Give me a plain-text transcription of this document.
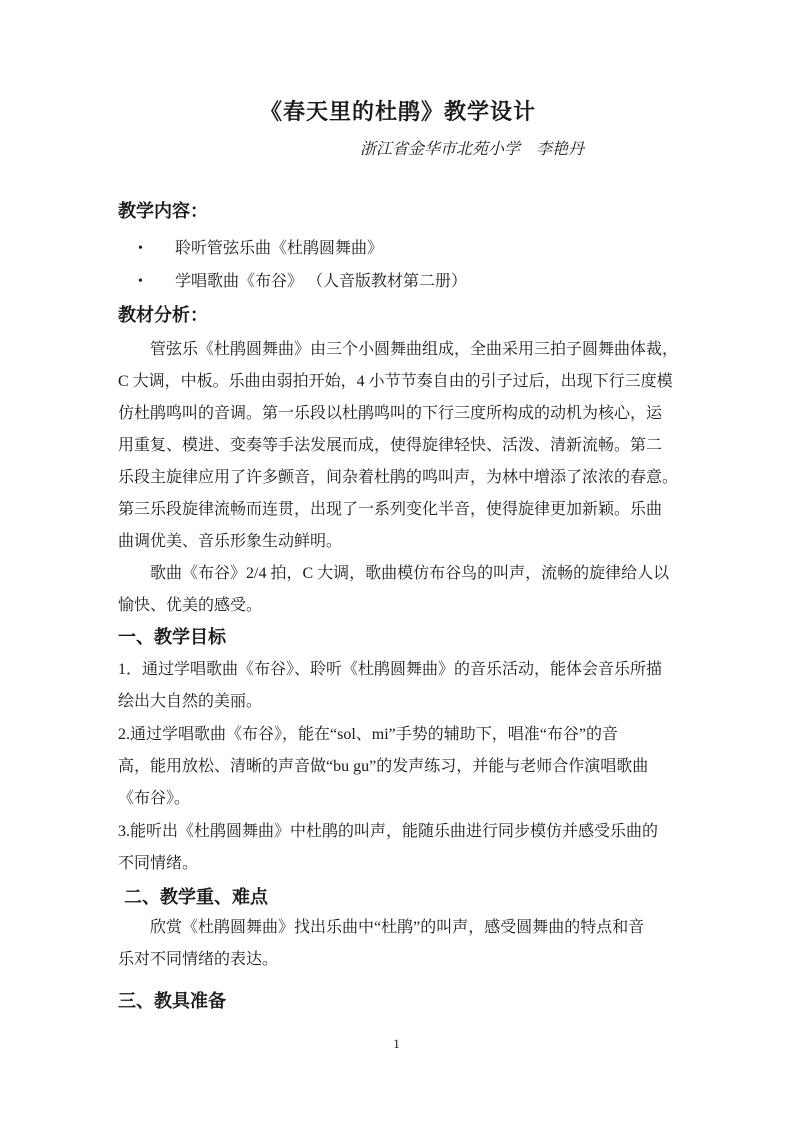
《春天里的杜鹃》教学设计
浙江省金华市北苑小学　李艳丹
教学内容：
• 聆听管弦乐曲《杜鹃圆舞曲》
• 学唱歌曲《布谷》 （人音版教材第二册）
教材分析：
管弦乐《杜鹃圆舞曲》由三个小圆舞曲组成，全曲采用三拍子圆舞曲体裁，
C 大调，中板。乐曲由弱拍开始，4 小节节奏自由的引子过后，出现下行三度模
仿杜鹃鸣叫的音调。第一乐段以杜鹃鸣叫的下行三度所构成的动机为核心，运
用重复、模进、变奏等手法发展而成，使得旋律轻快、活泼、清新流畅。第二
乐段主旋律应用了许多颤音，间杂着杜鹃的鸣叫声，为林中增添了浓浓的春意。
第三乐段旋律流畅而连贯，出现了一系列变化半音，使得旋律更加新颖。乐曲
曲调优美、音乐形象生动鲜明。
歌曲《布谷》2/4 拍，C 大调，歌曲模仿布谷鸟的叫声，流畅的旋律给人以
愉快、优美的感受。
一、教学目标
1．通过学唱歌曲《布谷》、聆听《杜鹃圆舞曲》的音乐活动，能体会音乐所描
绘出大自然的美丽。
2.通过学唱歌曲《布谷》，能在“sol、mi”手势的辅助下，唱准“布谷”的音
高，能用放松、清晰的声音做“bu gu”的发声练习，并能与老师合作演唱歌曲
《布谷》。
3.能听出《杜鹃圆舞曲》中杜鹃的叫声，能随乐曲进行同步模仿并感受乐曲的
不同情绪。
二、教学重、难点
欣赏《杜鹃圆舞曲》找出乐曲中“杜鹃”的叫声，感受圆舞曲的特点和音
乐对不同情绪的表达。
三、教具准备
1
